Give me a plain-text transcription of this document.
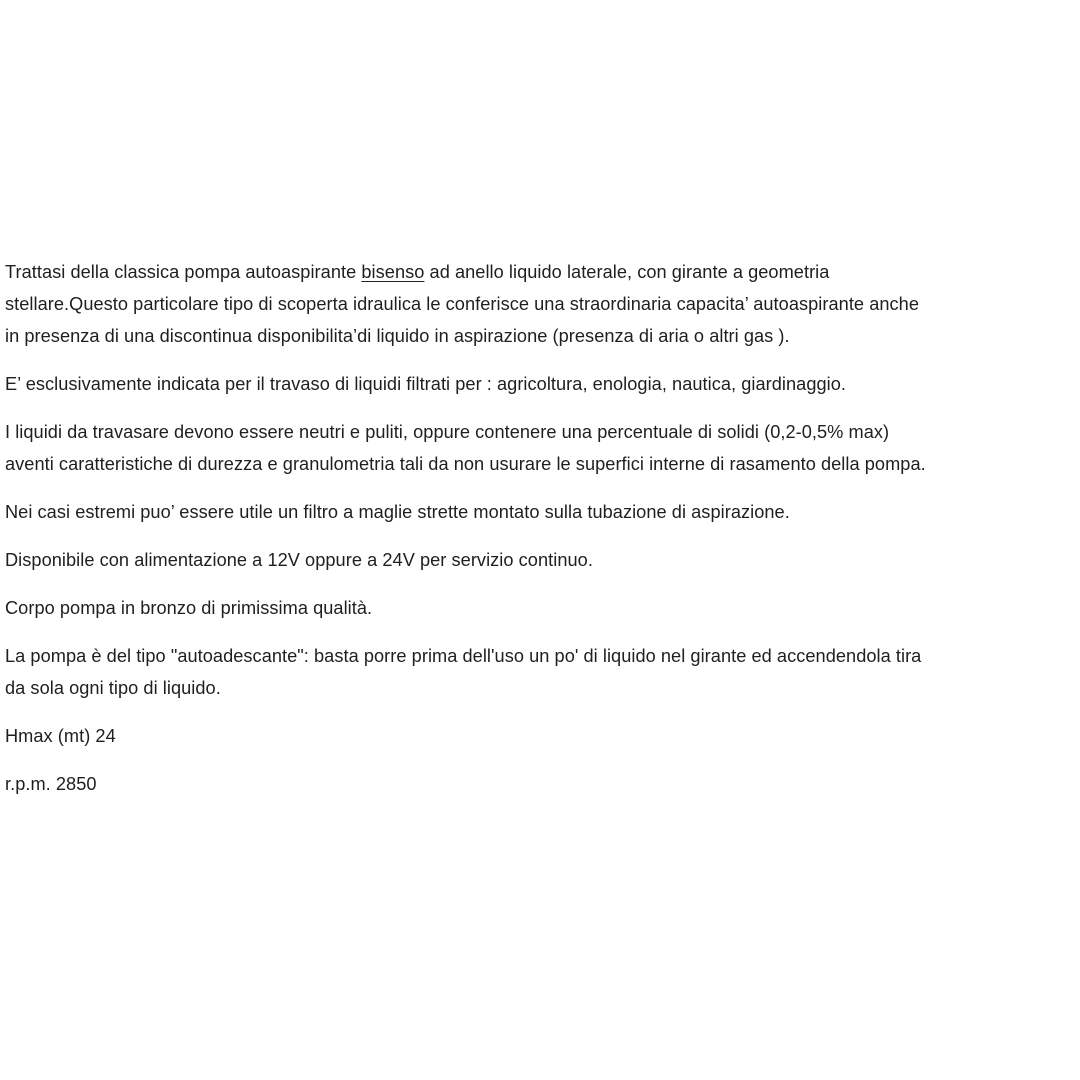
Trattasi della classica pompa autoaspirante bisenso ad anello liquido laterale, con girante a geometria
stellare.Questo particolare tipo di scoperta idraulica le conferisce una straordinaria capacita’ autoaspirante anche
in presenza di una discontinua disponibilita’di liquido in aspirazione (presenza di aria o altri gas ).

E’ esclusivamente indicata per il travaso di liquidi filtrati per : agricoltura, enologia, nautica, giardinaggio.

I liquidi da travasare devono essere neutri e puliti, oppure contenere una percentuale di solidi (0,2-0,5% max)
aventi caratteristiche di durezza e granulometria tali da non usurare le superfici interne di rasamento della pompa.

Nei casi estremi puo’ essere utile un filtro a maglie strette montato sulla tubazione di aspirazione.

Disponibile con alimentazione a 12V oppure a 24V per servizio continuo.

Corpo pompa in bronzo di primissima qualità.

La pompa è del tipo "autoadescante": basta porre prima dell'uso un po' di liquido nel girante ed accendendola tira
da sola ogni tipo di liquido.

Hmax (mt) 24

r.p.m. 2850
